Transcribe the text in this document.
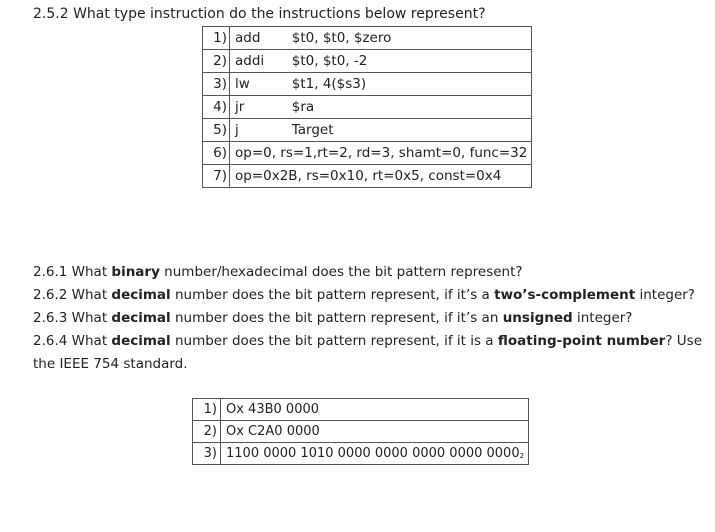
2.5.2 What type instruction do the instructions below represent?
1)	add	$t0, $t0, $zero
2)	addi	$t0, $t0, -2
3)	lw	$t1, 4($s3)
4)	jr	$ra
5)	j	Target
6)	op=0, rs=1,rt=2, rd=3, shamt=0, func=32	
7)	op=0x2B, rs=0x10, rt=0x5, const=0x4	
2.6.1 What binary number/hexadecimal does the bit pattern represent?
2.6.2 What decimal number does the bit pattern represent, if it’s a two’s-complement integer?
2.6.3 What decimal number does the bit pattern represent, if it’s an unsigned integer?
2.6.4 What decimal number does the bit pattern represent, if it is a floating-point number? Use
the IEEE 754 standard.
1)	Ox 43B0 0000
2)	Ox C2A0 0000
3)	1100 0000 1010 0000 0000 0000 0000 $0000_2$
